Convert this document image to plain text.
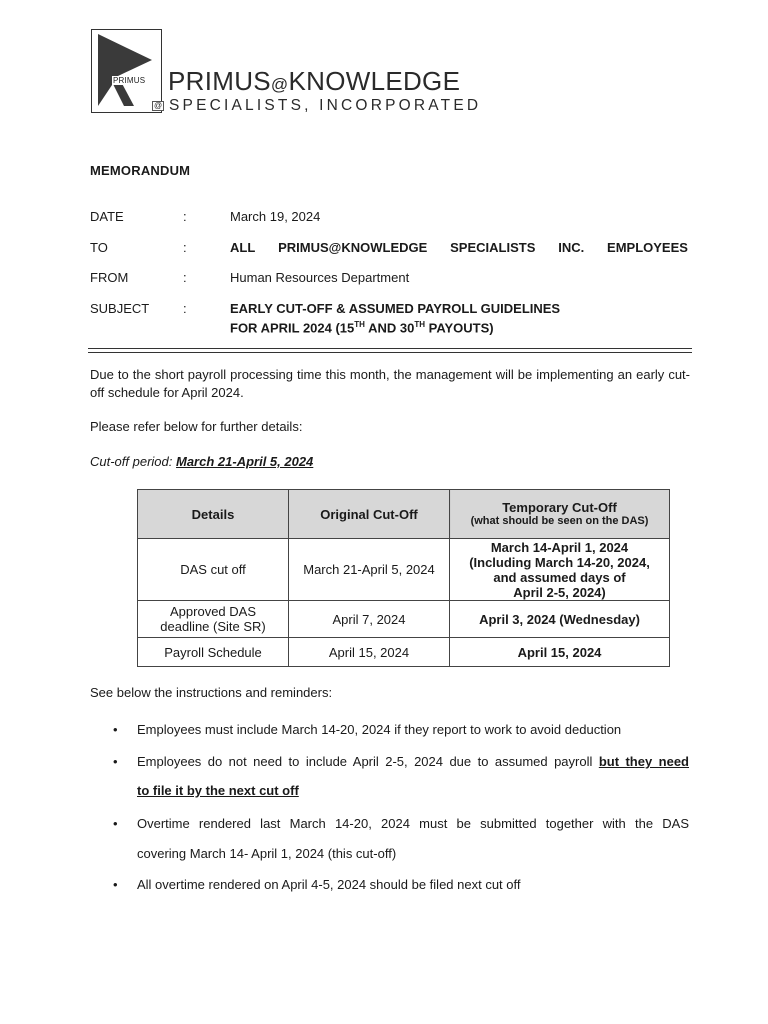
PRIMUS
@
PRIMUS@KNOWLEDGE
SPECIALISTS, INCORPORATED
MEMORANDUM
DATE	:	March 19, 2024
TO	:	ALL PRIMUS@KNOWLEDGE SPECIALISTS INC. EMPLOYEES
FROM	:	Human Resources Department
SUBJECT	:	EARLY CUT-OFF & ASSUMED PAYROLL GUIDELINES
FOR APRIL 2024 (15TH AND 30TH PAYOUTS)
Due to the short payroll processing time this month, the management will be implementing an early cut-off schedule for April 2024.
Please refer below for further details:
Cut-off period: March 21-April 5, 2024
Details	Original Cut-Off	Temporary Cut-Off
(what should be seen on the DAS)

DAS cut off	March 21-April 5, 2024	March 14-April 1, 2024
(Including March 14-20, 2024,
and assumed days of
April 2-5, 2024)

Approved DAS
deadline (Site SR)	April 7, 2024	April 3, 2024 (Wednesday)
Payroll Schedule	April 15, 2024	April 15, 2024
See below the instructions and reminders:
• Employees must include March 14-20, 2024 if they report to work to avoid deduction
• Employees do not need to include April 2-5, 2024 due to assumed payroll but they need
to file it by the next cut off
• Overtime rendered last March 14-20, 2024 must be submitted together with the DAS
covering March 14- April 1, 2024 (this cut-off)
• All overtime rendered on April 4-5, 2024 should be filed next cut off
